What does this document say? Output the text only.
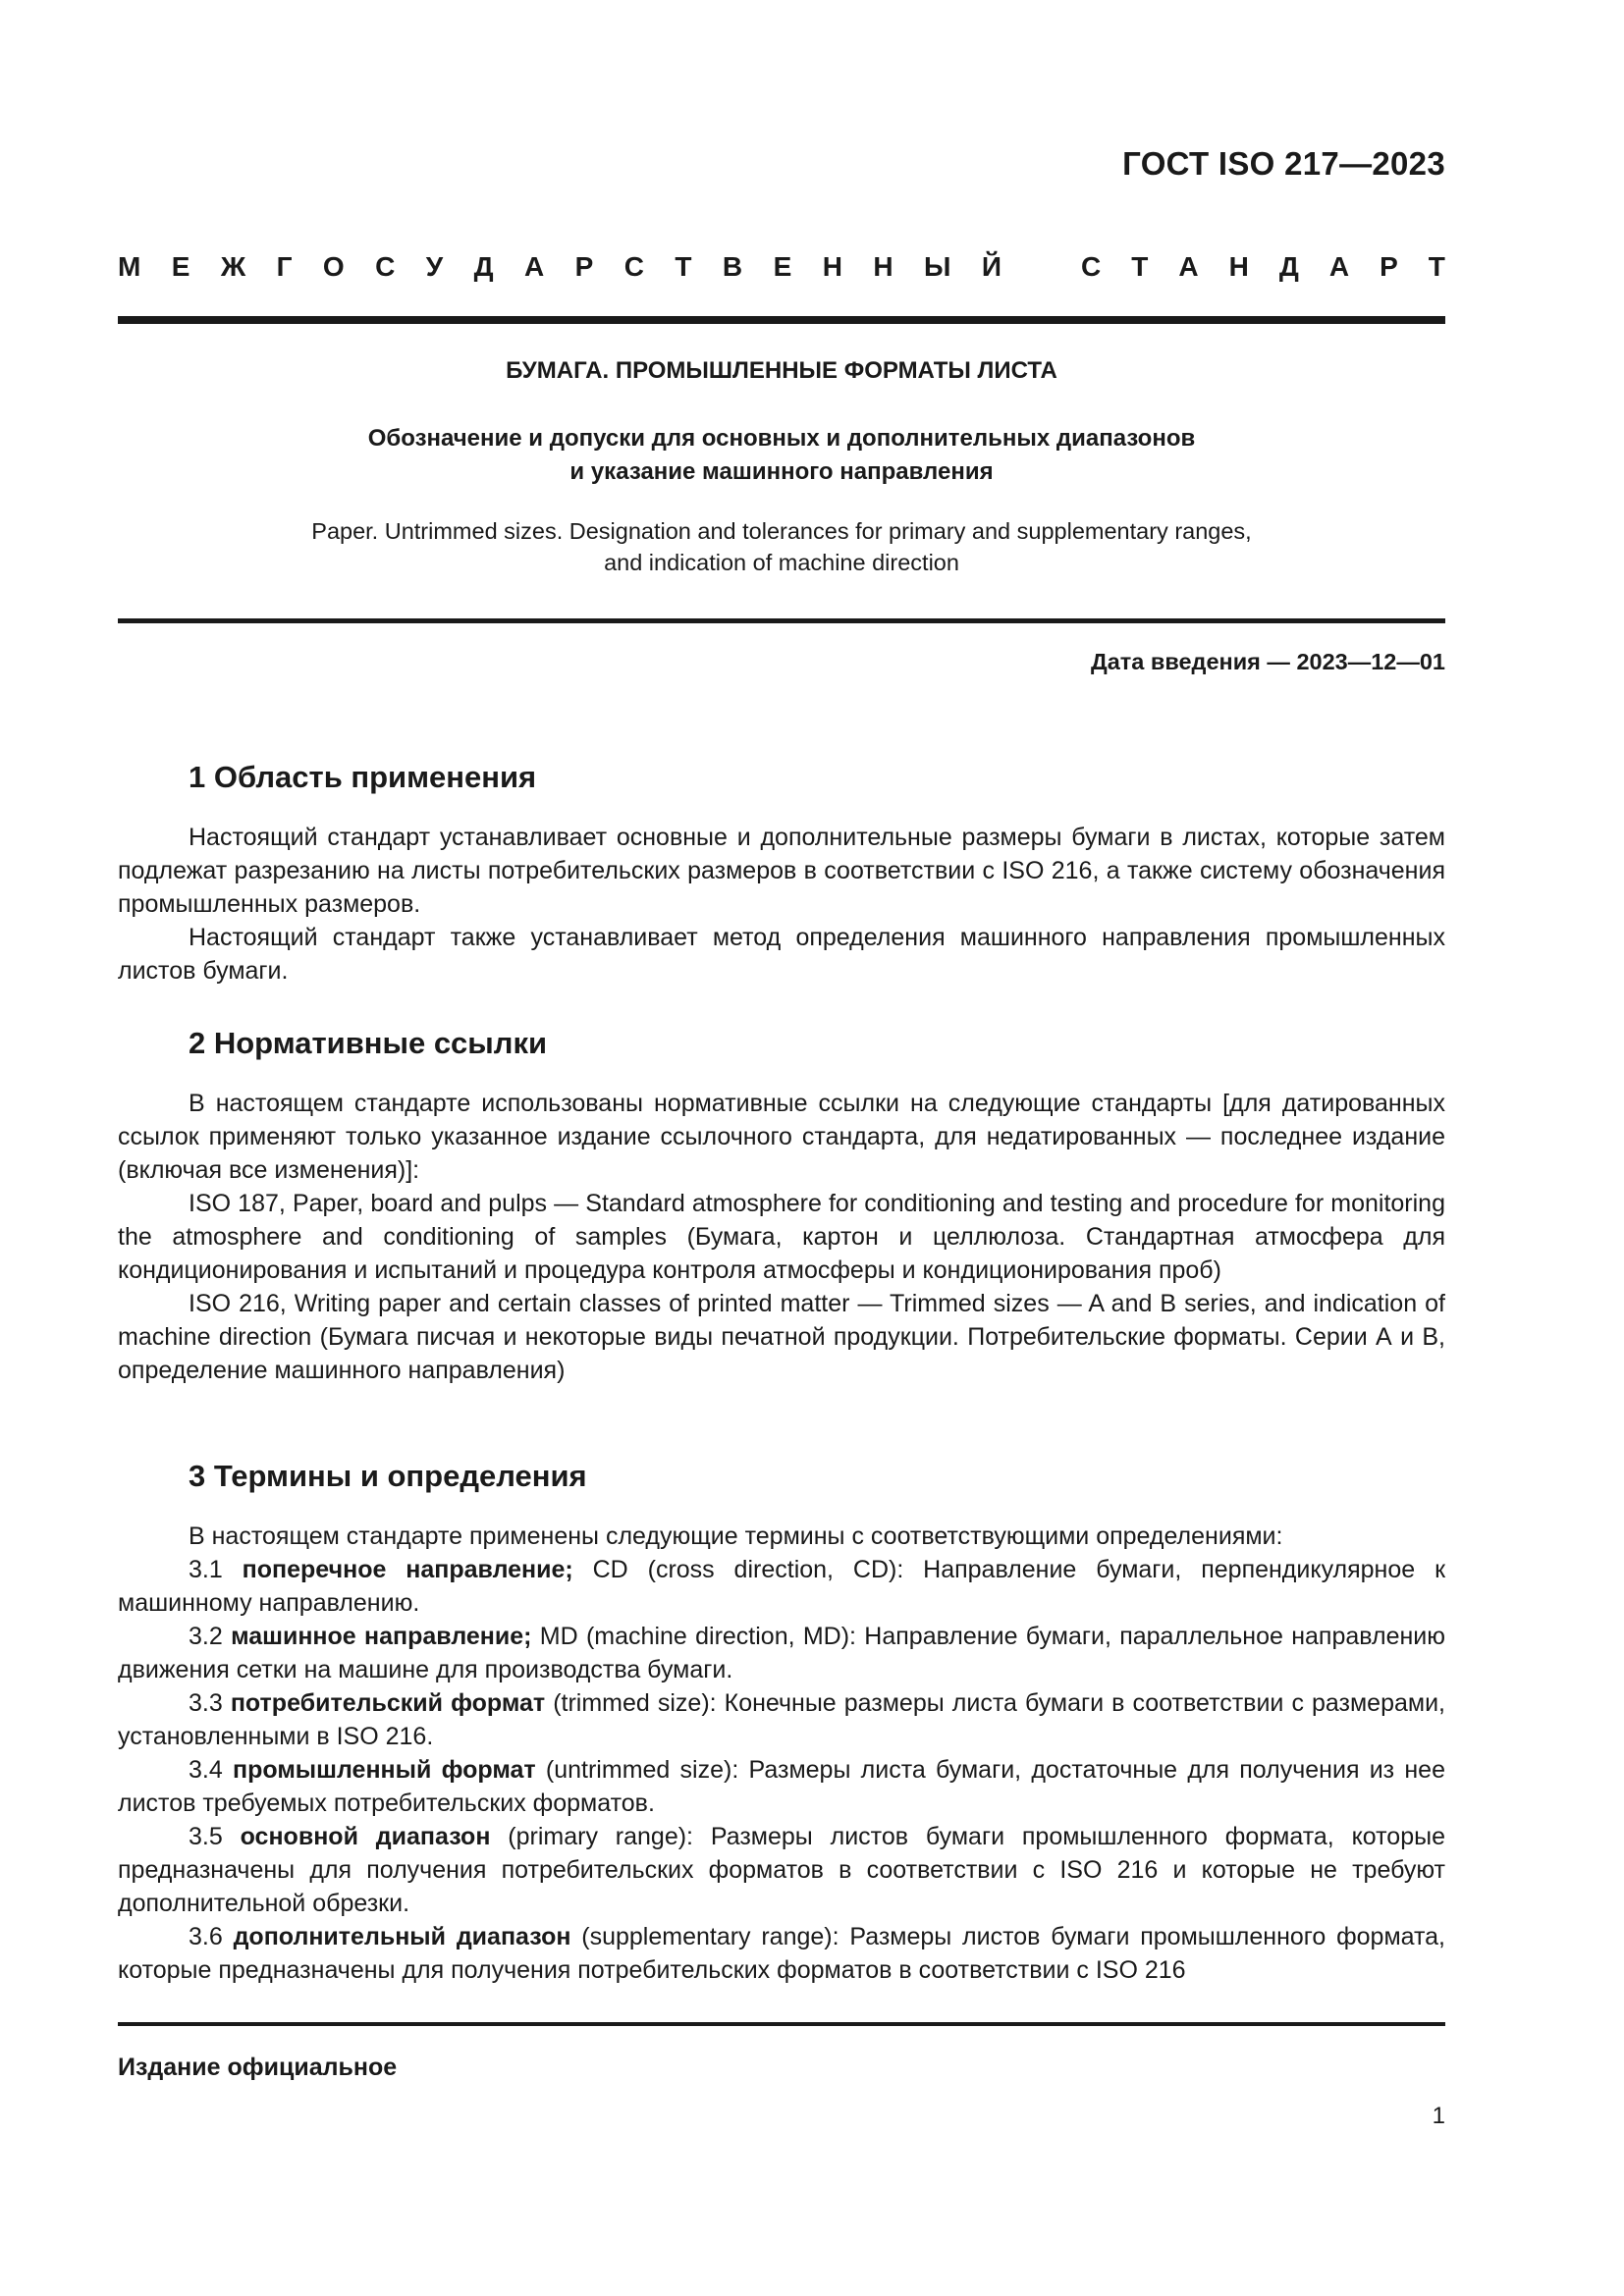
ГОСТ ISO 217—2023
М Е Ж Г О С У Д А Р С Т В Е Н Н Ы Й	С Т А Н Д А Р Т
БУМАГА. ПРОМЫШЛЕННЫЕ ФОРМАТЫ ЛИСТА
Обозначение и допуски для основных и дополнительных диапазонов
и указание машинного направления
Paper. Untrimmed sizes. Designation and tolerances for primary and supplementary ranges,
and indication of machine direction
Дата введения — 2023—12—01
1 Область применения

Настоящий стандарт устанавливает основные и дополнительные размеры бумаги в листах, которые затем подлежат разрезанию на листы потребительских размеров в соответствии с ISO 216, а также систему обозначения промышленных размеров.

Настоящий стандарт также устанавливает метод определения машинного направления промышленных листов бумаги.

2 Нормативные ссылки

В настоящем стандарте использованы нормативные ссылки на следующие стандарты [для датированных ссылок применяют только указанное издание ссылочного стандарта, для недатированных — последнее издание (включая все изменения)]:

ISO 187, Paper, board and pulps — Standard atmosphere for conditioning and testing and procedure for monitoring the atmosphere and conditioning of samples (Бумага, картон и целлюлоза. Стандартная атмосфера для кондиционирования и испытаний и процедура контроля атмосферы и кондиционирования проб)

ISO 216, Writing paper and certain classes of printed matter — Trimmed sizes — A and B series, and indication of machine direction (Бумага писчая и некоторые виды печатной продукции. Потребительские форматы. Серии А и В, определение машинного направления)

3 Термины и определения

В настоящем стандарте применены следующие термины с соответствующими определениями:

3.1 поперечное направление; CD (cross direction, CD): Направление бумаги, перпендикулярное к машинному направлению.

3.2 машинное направление; MD (machine direction, MD): Направление бумаги, параллельное направлению движения сетки на машине для производства бумаги.

3.3 потребительский формат (trimmed size): Конечные размеры листа бумаги в соответствии с размерами, установленными в ISO 216.

3.4 промышленный формат (untrimmed size): Размеры листа бумаги, достаточные для получения из нее листов требуемых потребительских форматов.

3.5 основной диапазон (primary range): Размеры листов бумаги промышленного формата, которые предназначены для получения потребительских форматов в соответствии с ISO 216 и которые не требуют дополнительной обрезки.

3.6 дополнительный диапазон (supplementary range): Размеры листов бумаги промышленного формата, которые предназначены для получения потребительских форматов в соответствии с ISO 216

Издание официальное
1
